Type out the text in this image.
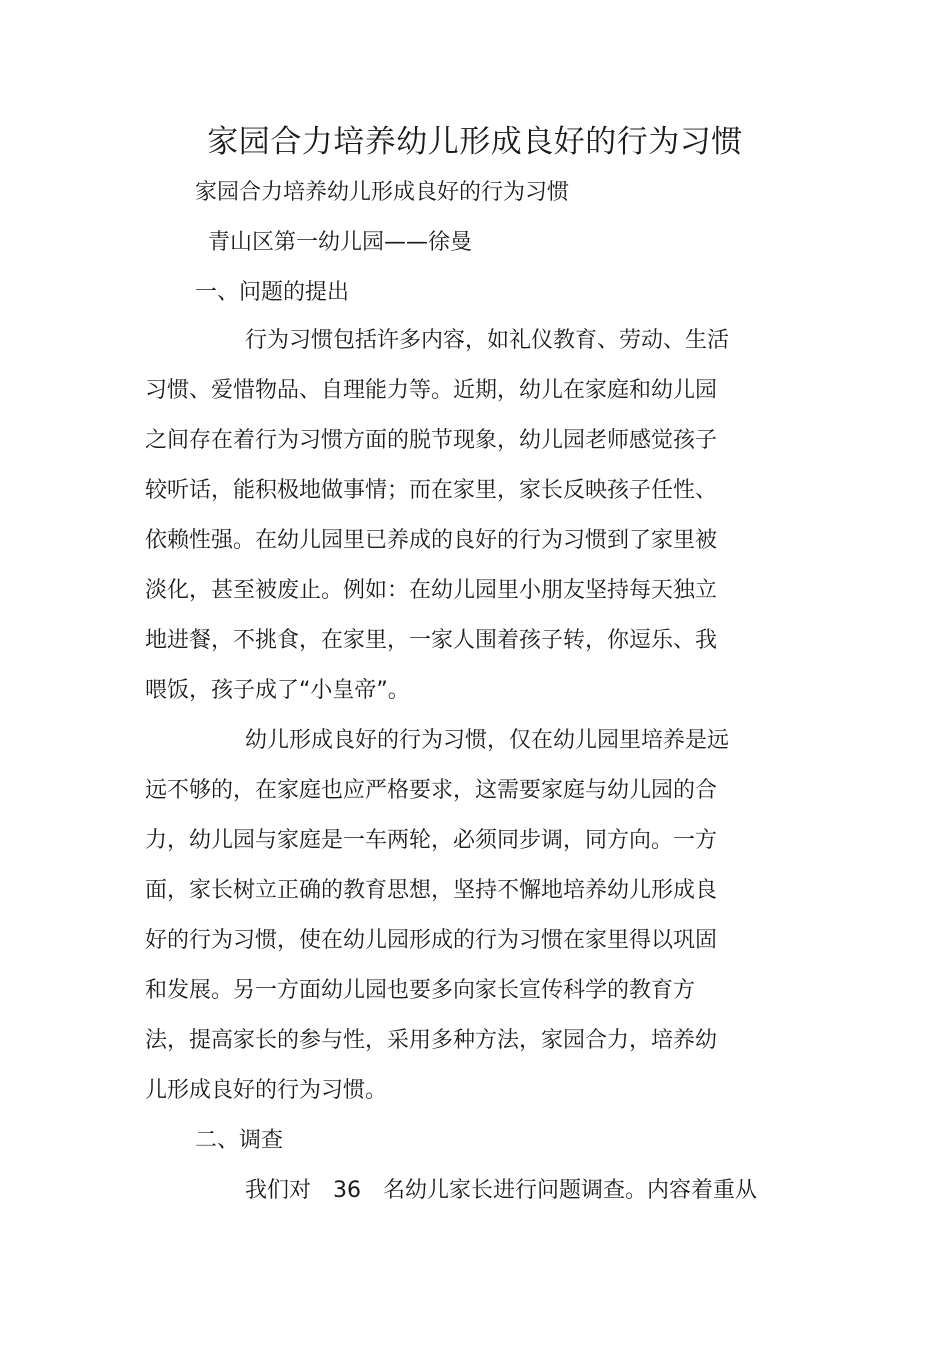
家园合力培养幼儿形成良好的行为习惯
家园合力培养幼儿形成良好的行为习惯
青山区第一幼儿园——徐曼
一、问题的提出
行为习惯包括许多内容，如礼仪教育、劳动、生活
习惯、爱惜物品、自理能力等。近期，幼儿在家庭和幼儿园
之间存在着行为习惯方面的脱节现象，幼儿园老师感觉孩子
较听话，能积极地做事情；而在家里，家长反映孩子任性、
依赖性强。在幼儿园里已养成的良好的行为习惯到了家里被
淡化，甚至被废止。例如：在幼儿园里小朋友坚持每天独立
地进餐，不挑食，在家里，一家人围着孩子转，你逗乐、我
喂饭，孩子成了“小皇帝”。
幼儿形成良好的行为习惯，仅在幼儿园里培养是远
远不够的，在家庭也应严格要求，这需要家庭与幼儿园的合
力，幼儿园与家庭是一车两轮，必须同步调，同方向。一方
面，家长树立正确的教育思想，坚持不懈地培养幼儿形成良
好的行为习惯，使在幼儿园形成的行为习惯在家里得以巩固
和发展。另一方面幼儿园也要多向家长宣传科学的教育方
法，提高家长的参与性，采用多种方法，家园合力，培养幼
儿形成良好的行为习惯。
二、调查
我们对　36　名幼儿家长进行问题调查。内容着重从
